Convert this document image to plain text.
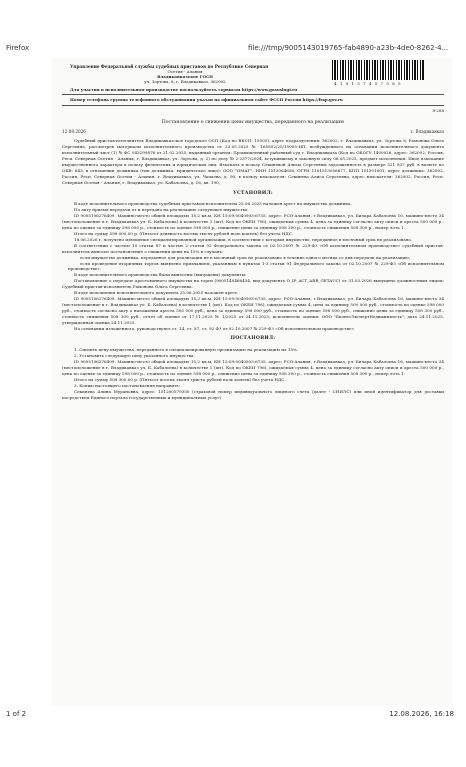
Firefox	file:///tmp/9005143019765-fab4890-a23b-4de0-8262-4...
4 1 9 1 5 7 4 5 7 5 8 5
Управление Федеральной службы судебных приставов по Республике Северная
Осетия - Алания
Владикавказское ГОСП
ул. Зортова, 8, г. Владикавказ, 362002
Для участия в исполнительном производстве воспользуйтесь сервисом https://www.gosuslugi.ru
Номер телефона группы телефонного обслуживания указан на официальном сайте ФССП России https://fssp.gov.ru
8-288
Постановление о снижении цены имущества, переданного на реализацию
12.08.2026	г. Владикавказ

Судебный пристав-исполнитель Владикавказское городское ОСП (Код по ВКСП: 15005), адрес подразделения: 362002, г. Владикавказ, ул. Зортова 8, Рамонова Ольга Сергеевна, рассмотрев материалы исполнительного производства от 23.05.2025 № 165852/25/15005-ИП, возбужденного на основании исполнительного документа исполнительный лист (1) № ФС 043299876 от 21.02.2025, выданный органом: Промышленный районный суд г. Владикавказа (Код по ОКОГУ 1400026, адрес: 362002, Россия, Респ. Северная Осетия - Алания, г. Владикавказ, ул. Зортова, д. 2) по делу № 2-2377/2024, вступившему в законную силу 06.05.2025, предмет исполнения: Иное взыскание имущественного характера в пользу физических и юридических лиц: Взыскать в пользу Секиневой Алисы Сергеевны задолженность в размере 521 837 руб. в валюте по ОКВ: 643, в отношении должника (тип должника: юридическое лицо): ООО "ОМАГ", ИНН 1513064656, ОГРН 1161513056677, КПП 151301001, адрес должника: 362002, Россия, Респ. Северная Осетия - Алания, г. Владикавказ, ул. Чапаева, д. 90, в пользу взыскателя: Секинева Алиса Сергеевна, адрес взыскателя: 362002, Россия, Респ. Северная Осетия - Алания, г. Владикавказ, ул. Кабалоева, д. 16, кв. 190,

УСТАНОВИЛ:

В ходе исполнительного производства судебным приставом-исполнителем 25.06.2025 наложен арест на имущество должника.

По акту приема-передачи от и передано на реализацию следующее имущество.

ID 9005106276409. Машино-место общей площадью 15,2 кв.м, КН 15:09:0040903:6735, адрес: РСО-Алания, г.Владикавказ, ул. Билара Кабалоева 16, машино-место 34 (местоположение в г. Владикавказ ул. Б. Кабалоева) в количестве 1 (шт). Код по ОКЕИ 796), ожидаемая сумма 4, цена за единицу согласно акту описи и ареста 500 000 р., цена по оценке за единицу 598 000 р., стоимость по оценке 598 000 р., снижение цены за единицу 508 300 р., стоимость снижения 508 300 р., номер лота 1.

Итого на сумму 598 000,00 р. (Пятьсот девяносто восемь тысяч рублей ноль копеек) без учета НДС.

18.06.2026 г. получено извещение специализированной организации, в соответствии с которым имущество, переданное в месячный срок не реализовано.

В соответствии с частью 10 статьи 87 и частью 2 статьи 92 Федерального закона от 02.10.2007 № 229-ФЗ «Об исполнительном производстве» судебный пристав-исполнитель выносит постановление о снижении цены на 15% в случаях:

если имущество должника, переданное для реализации не в месячный срок не реализовано в течение одного месяца со дня передачи на реализацию;

если проведение вторичных торгов выявлено признанием, указанным в пунктах 1-3 статьи 91 Федерального закона от 02.10.2007 № 229-ФЗ «Об исполнительном производстве».

В ходе исполнительного производства были вынесены (выпущены) документы:

Постановление о передаче арестованного имущества на торги (9005140466454, вид документа O_IP_ACT_ARR_GETAUC) от 31.03.2026 выпущено должностным лицом: Судебный пристав-исполнитель Рамонова Ольга Сергеевна.

В ходе исполнения исполнительного документа 25.06.2025 наложен арест.

ID 9005106276409. Машино-место общей площадью 15,2 кв.м, КН 15:09:0040903:6735, адрес: РСО-Алания, г.Владикавказ, ул. Билара Кабалоева 16, машино-место 34 (местоположение в г. Владикавказ ул. Б. Кабалоева) в количестве 1 (шт). Код по ОКЕИ 796), ожидаемая сумма 4, цена за единицу 500 000 руб., стоимость по оценке 598 000 руб., стоимость согласно акту о наложении ареста 500 000 руб., цена за единицу 598 000 руб., стоимость по оценке 598 000 руб., снижение цены за единицу 508 300 руб., стоимость снижения 508 300 руб., отчет об оценке от 17.11.2025 № 1/2025 от 24.11.2025, исполнитель оценки: ООО "БизнесЭкспертНедвижимость", дата 24.11.2025, утвержденная оценка 24.11.2025.

На основании изложенного, руководствуясь ст. 14, ст. 87, ст. 92 ФЗ от 02.10.2007 № 229-ФЗ «Об исполнительном производстве»

ПОСТАНОВИЛ:

1. Снизить цену имущества, переданного в специализированную организацию на реализацию на 15%.

2. Установить следующую цену указанного имущества:

ID 9005106276409. Машино-место общей площадью 15,2 кв.м, КН 15:09:0040903:6735, адрес: РСО-Алания, г.Владикавказ, ул. Билара Кабалоева 16, машино-место 34 (местоположение в г. Владикавказ ул. Б. Кабалоева) в количестве 1 (шт). Код по ОКЕИ 796), ожидаемая сумма 4, цена за единицу согласно акту описи и ареста 500 000 р., цена по оценке за единицу 598 000 р., стоимость по оценке 598 000 р., снижение цены за единицу 508 300 р., стоимость снижения 508 300 р., номер лота 1.

Итого на сумму 508 300,00 р. (Пятьсот восемь тысяч триста рублей ноль копеек) без учета НДС.

3. Копию настоящего постановления направить:

Секинева Алина Мурановна, адрес: 151200579350 (страховой номер индивидуального лицевого счета (далее - СНИЛС) или иной идентификатор для доставки посредством Единого портала государственных и муниципальных услуг)

1 of 2	12.08.2026, 16:18
